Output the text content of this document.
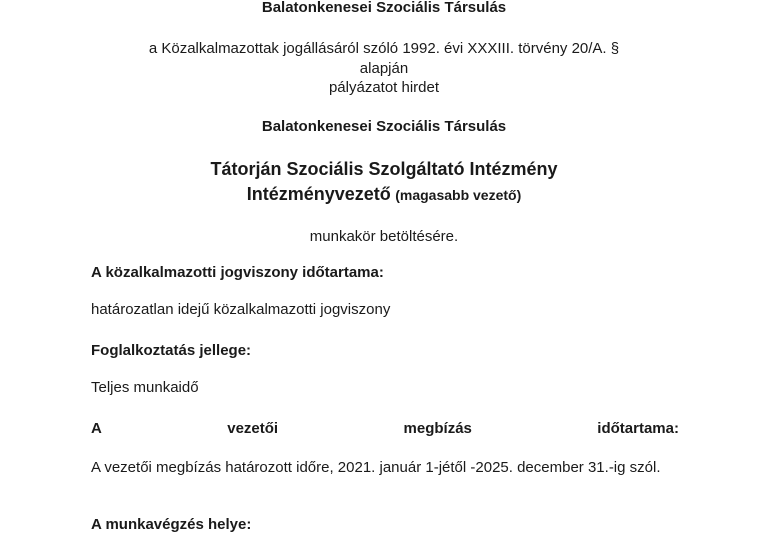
Balatonkenesei Szociális Társulás

a Közalkalmazottak jogállásáról szóló 1992. évi XXXIII. törvény 20/A. §

alapján

pályázatot hirdet

Balatonkenesei Szociális Társulás

Tátorján Szociális Szolgáltató Intézmény

Intézményvezető (magasabb vezető)

munkakör betöltésére.

A közalkalmazotti jogviszony időtartama:

határozatlan idejű közalkalmazotti jogviszony

Foglalkoztatás jellege:

Teljes munkaidő

A	vezetői	megbízás	időtartama:

A vezetői megbízás határozott időre, 2021. január 1-jétől -2025. december 31.-ig szól.

A munkavégzés helye:
